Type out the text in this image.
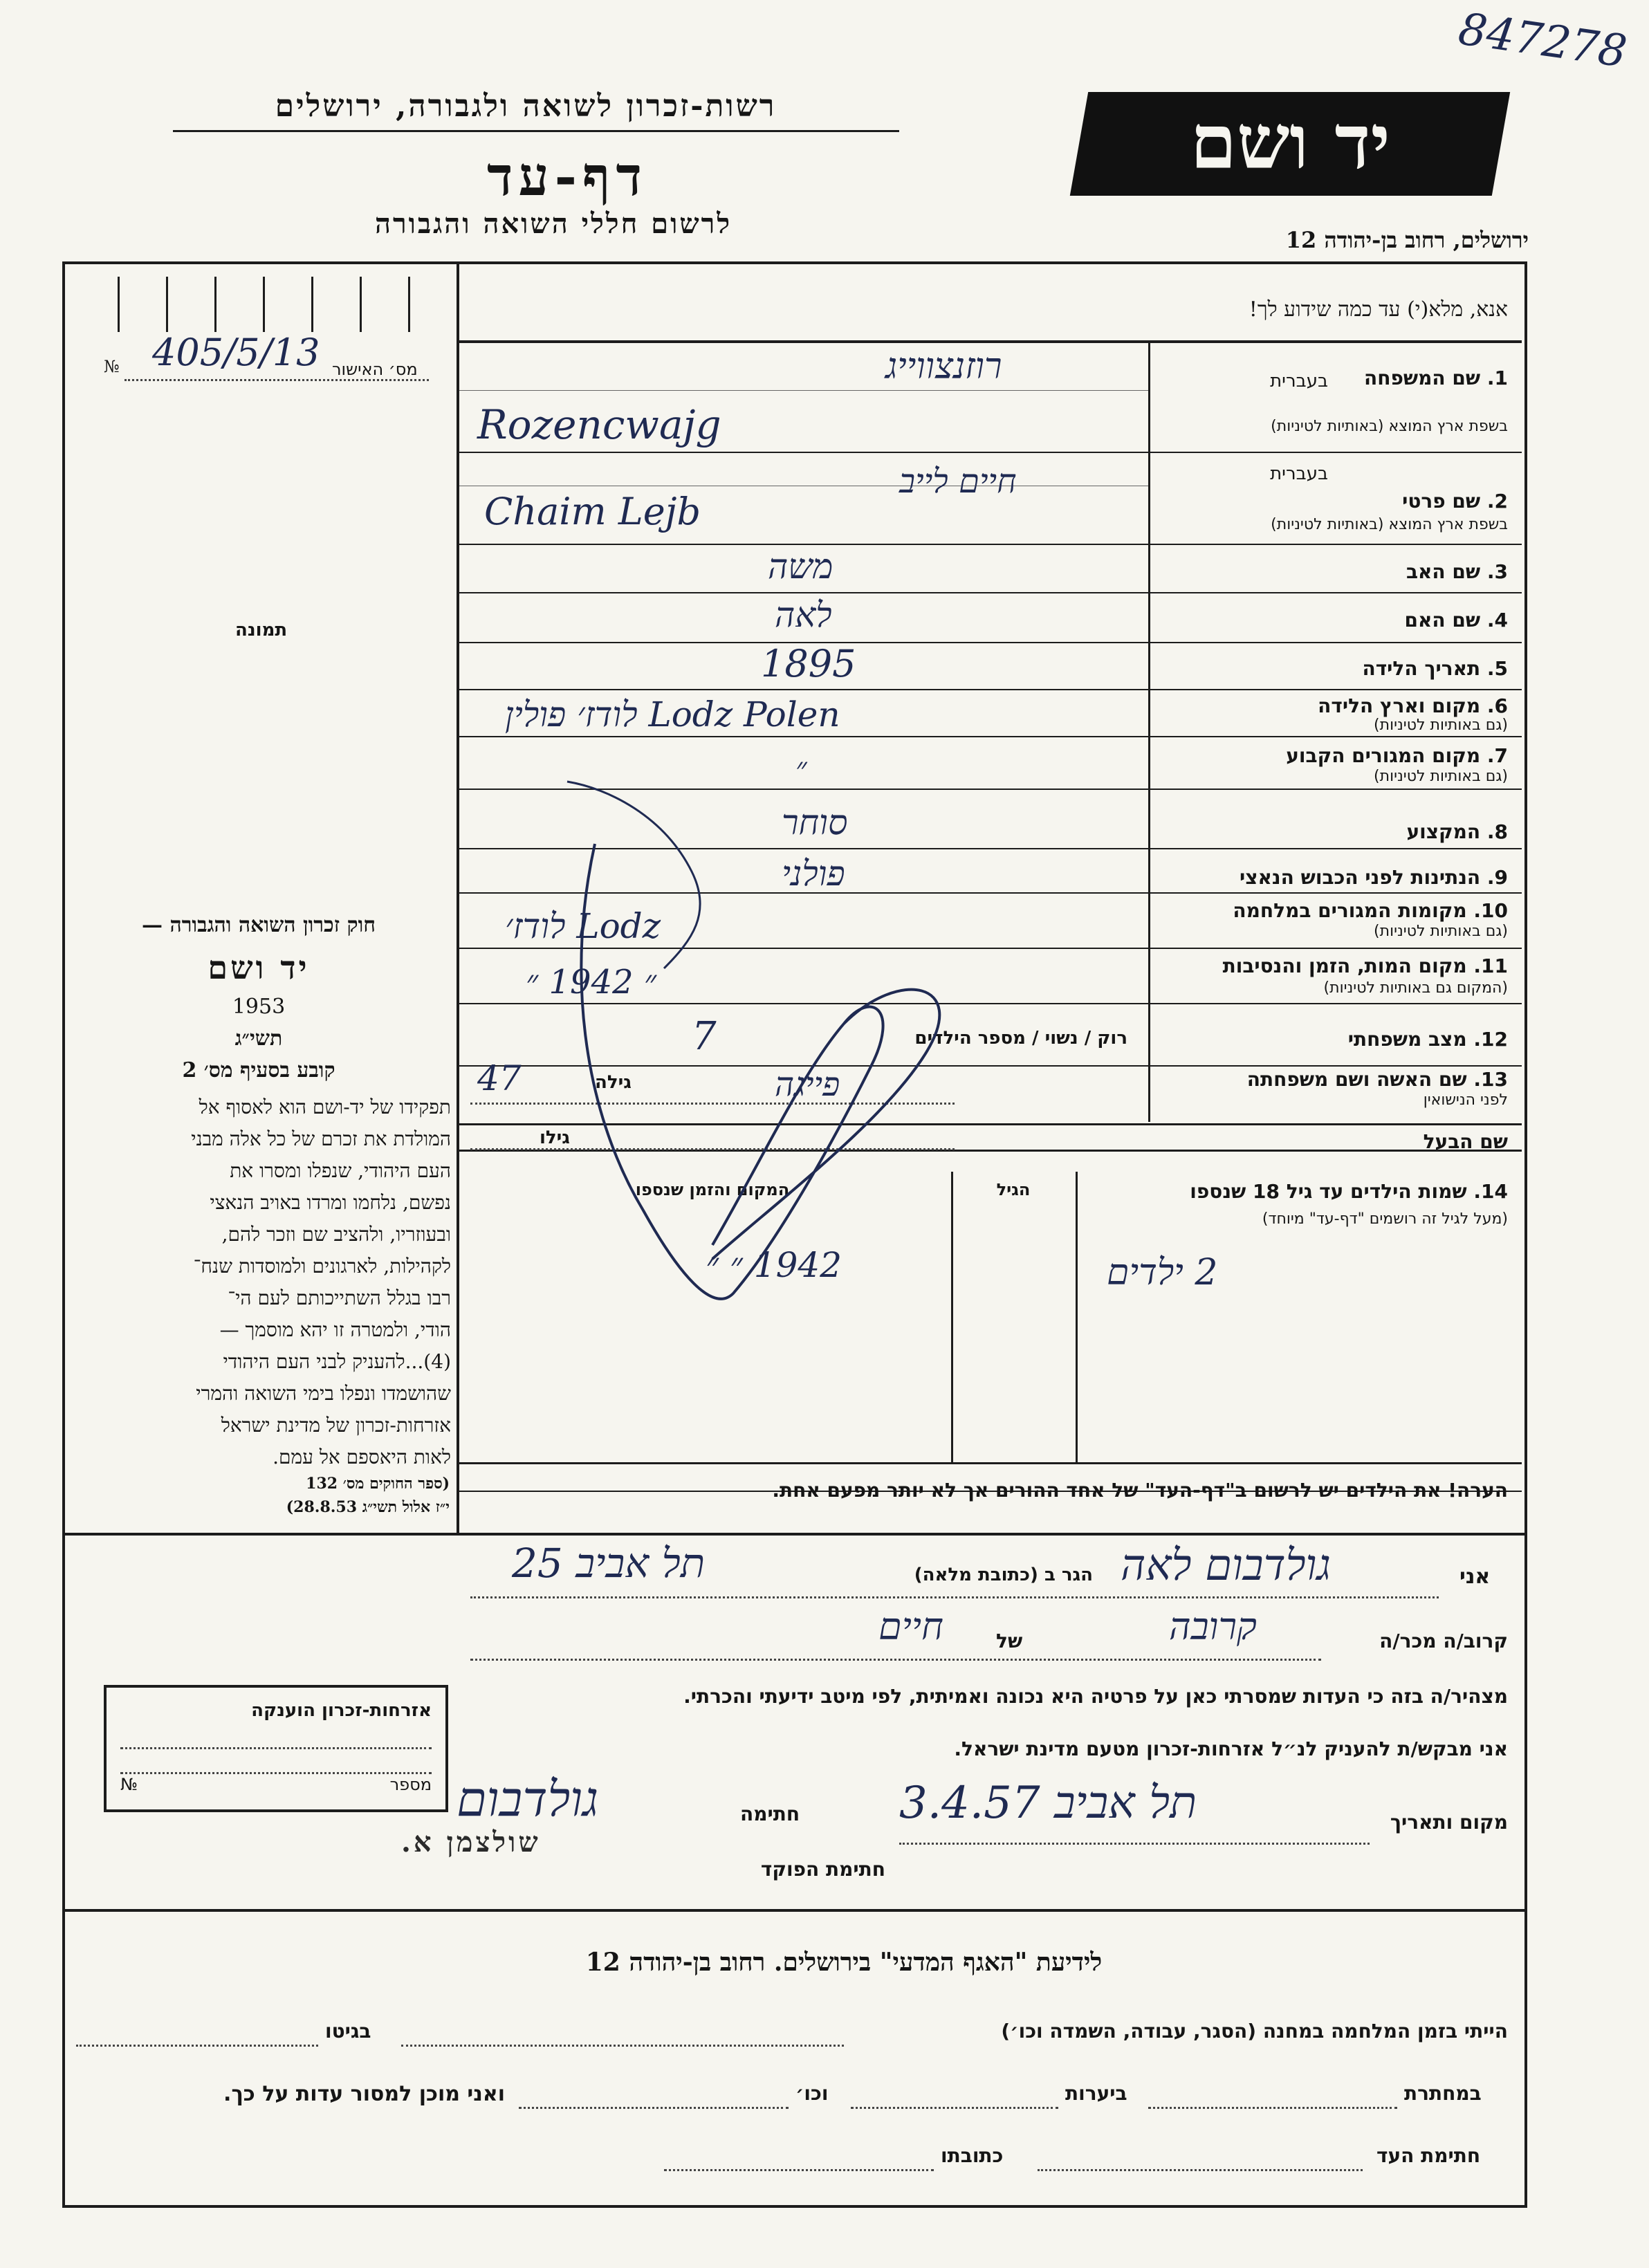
847278
רשות-זכרון לשואה ולגבורה, ירושלים
דף-עד
לרשום חללי השואה והגבורה
יד ושם
ירושלים, רחוב בן-יהודה 12
№ 405/5/13 מס׳ האישור
תמונה
חוק זכרון השואה והגבורה —
יד ושם
1953
תשי״ג
קובע בסעיף מס׳ 2
תפקידו של יד-ושם הוא לאסוף אל
המולדת את זכרם של כל אלה מבני
העם היהודי, שנפלו ומסרו את
נפשם, נלחמו ומרדו באויב הנאצי
ובעוזריו, ולהציב שם וזכר להם,
לקהילות, לארגונים ולמוסדות שנח־
רבו בגלל השתייכותם לעם הי־
הודי, ולמטרה זו יהא מוסמך —
(4)...להעניק לבני העם היהודי
שהושמדו ונפלו בימי השואה והמרי
אזרחות-זכרון של מדינת ישראל
לאות היאספם אל עמם.
(ספר החוקים מס׳ 132
י״ז אלול תשי״ג 28.8.53)
אנא, מלא(י) עד כמה שידוע לך!
1. שם המשפחה
בעברית
בשפת ארץ המוצא (באותיות לטיניות)
2. שם פרטי
בעברית
בשפת ארץ המוצא (באותיות לטיניות)
3. שם האב
4. שם האם
5. תאריך הלידה
6. מקום וארץ הלידה
(גם באותיות לטיניות)
7. מקום המגורים הקבוע
(גם באותיות לטיניות)
8. המקצוע
9. הנתינות לפני הכבוש הנאצי
10. מקומות המגורים במלחמה
(גם באותיות לטיניות)
11. מקום המות, הזמן והנסיבות
(המקום גם באותיות לטיניות)
12. מצב משפחתי
13. שם האשה ושם משפחתה
לפני הנישואין
שם הבעל
רוק / נשוי / מספר הילדים
גילה
גילו
14. שמות הילדים עד גיל 18 שנספו
(מעל לגיל זה רושמים "דף-עד" מיוחד)
הגיל
המקום והזמן שנספו
הערה! את הילדים יש לרשום ב"דף-העד" של אחד ההורים אך לא יותר מפעם אחת.
רוזנצווייג
Rozencwajg
חיים לייב
Chaim Lejb
משה
לאה
1895
Lodz Polen לודז׳ פולין
״
סוחר
פולני
Lodz לודז׳
״ 1942 ״
7
פייגה
47
1942 ״ ״	2 ילדים
אני
גולדבום לאה
הגר ב (כתובת מלאה)
תל אביב 25
קרוב/ה מכר/ה
קרובה
של
חיים
מצהיר/ה בזה כי העדות שמסרתי כאן על פרטיה היא נכונה ואמיתית, לפי מיטב ידיעתי והכרתי.
אני מבקש/ת להעניק לנ״ל אזרחות-זכרון מטעם מדינת ישראל.
מקום ותאריך
תל אביב 3.4.57
חתימה
גולדבום
חתימת הפוקד
שולצמן א.
אזרחות-זכרון הוענקה
№	מספר
לידיעת "האגף המדעי" בירושלים. רחוב בן-יהודה 12
הייתי בזמן המלחמה במחנה (הסגר, עבודה, השמדה וכו׳)
בגיטו
במחתרת
ביערות
וכו׳
ואני מוכן למסור עדות על כך.
חתימת העד
כתובתו
